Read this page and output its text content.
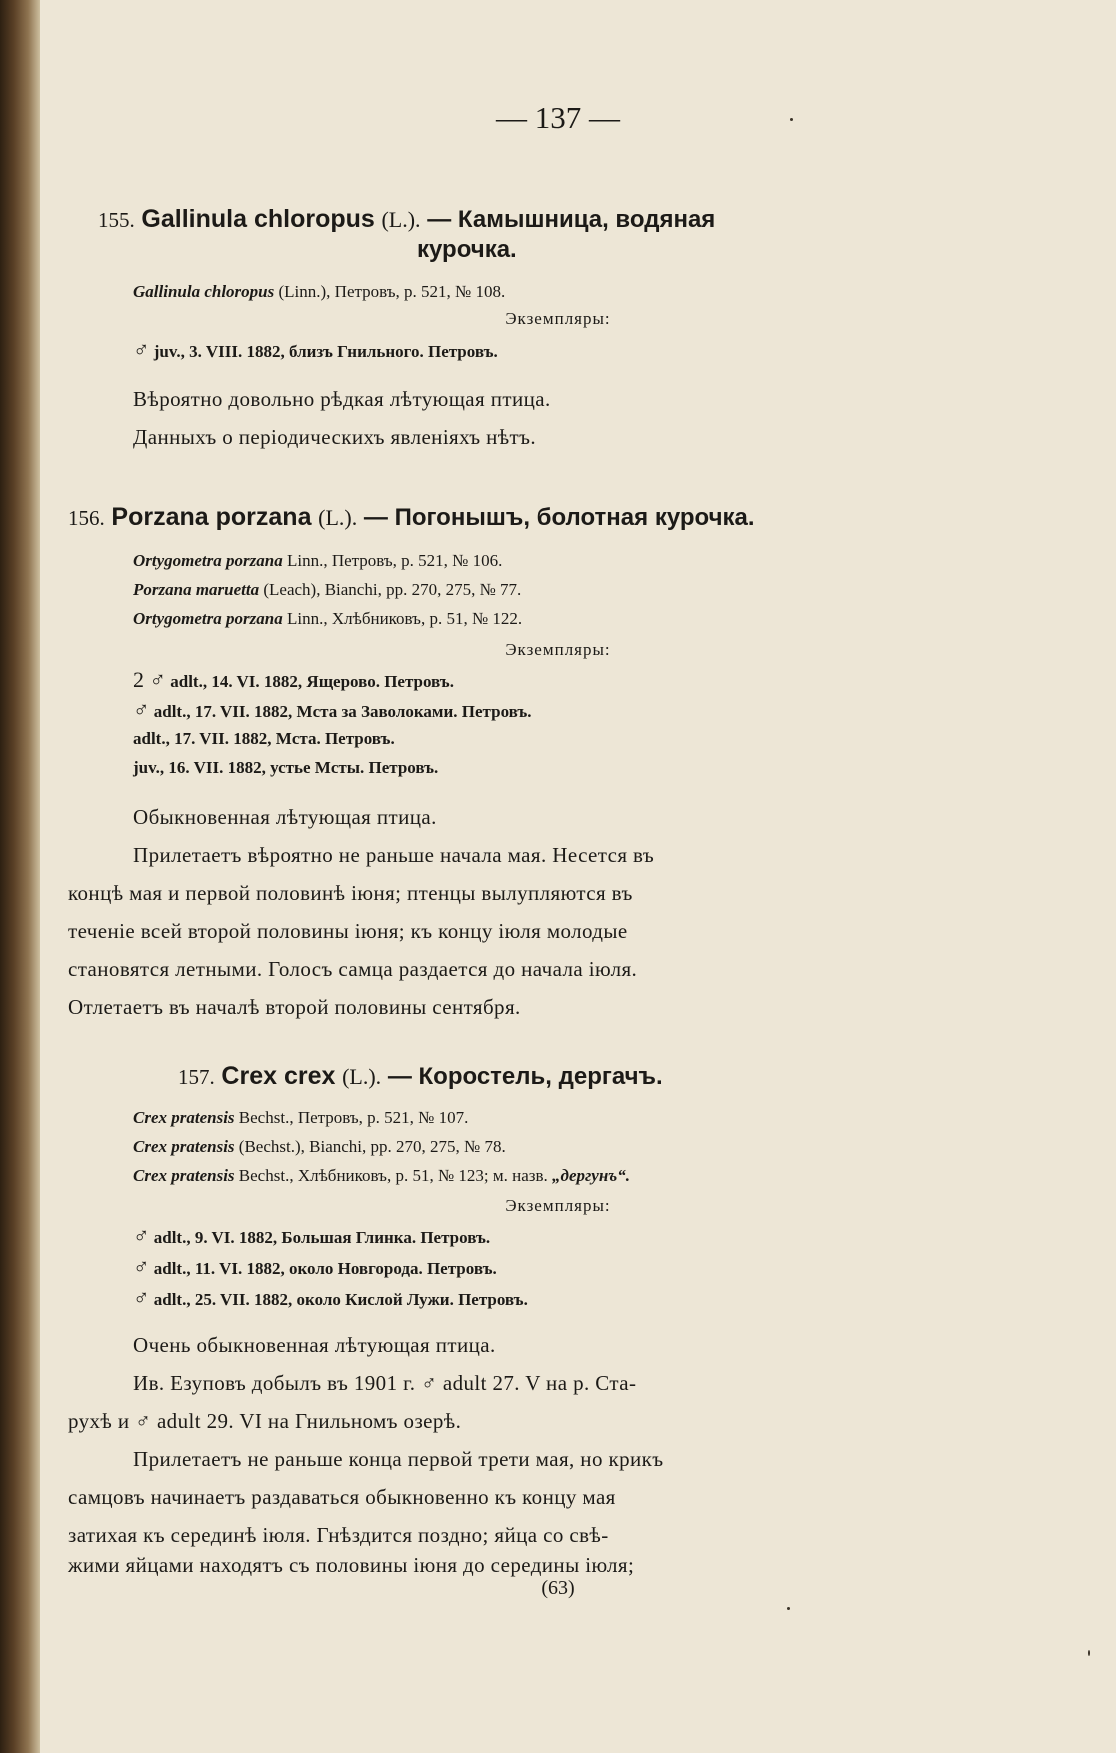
— 137 —
155. Gallinula chloropus (L.). — Камышница, водяная
курочка.
Gallinula chloropus (Linn.), Петровъ, p. 521, № 108.
Экземпляры:
♂ juv., 3. VIII. 1882, близъ Гнильного. Петровъ.
Вѣроятно довольно рѣдкая лѣтующая птица.
Данныхъ о періодическихъ явленіяхъ нѣтъ.
156. Porzana porzana (L.). — Погонышъ, болотная курочка.
Ortygometra porzana Linn., Петровъ, p. 521, № 106.
Porzana maruetta (Leach), Bianchi, pp. 270, 275, № 77.
Ortygometra porzana Linn., Хлѣбниковъ, p. 51, № 122.
Экземпляры:
2 ♂ adlt., 14. VI. 1882, Ящерово. Петровъ.
♂ adlt., 17. VII. 1882, Мста за Заволоками. Петровъ.
adlt., 17. VII. 1882, Мста. Петровъ.
juv., 16. VII. 1882, устье Мсты. Петровъ.
Обыкновенная лѣтующая птица.
Прилетаетъ вѣроятно не раньше начала мая. Несется въ
концѣ мая и первой половинѣ іюня; птенцы вылупляются въ
теченіе всей второй половины іюня; къ концу іюля молодые
становятся летными. Голосъ самца раздается до начала іюля.
Отлетаетъ въ началѣ второй половины сентября.
157. Crex crex (L.). — Коростель, дергачъ.
Crex pratensis Bechst., Петровъ, p. 521, № 107.
Crex pratensis (Bechst.), Bianchi, pp. 270, 275, № 78.
Crex pratensis Bechst., Хлѣбниковъ, p. 51, № 123; м. назв. „дергунъ“.
Экземпляры:
♂ adlt., 9. VI. 1882, Большая Глинка. Петровъ.
♂ adlt., 11. VI. 1882, около Новгорода. Петровъ.
♂ adlt., 25. VII. 1882, около Кислой Лужи. Петровъ.
Очень обыкновенная лѣтующая птица.
Ив. Езуповъ добылъ въ 1901 г. ♂ adult 27. V на р. Ста-
рухѣ и ♂ adult 29. VI на Гнильномъ озерѣ.
Прилетаетъ не раньше конца первой трети мая, но крикъ
самцовъ начинаетъ раздаваться обыкновенно къ концу мая
затихая къ серединѣ іюля. Гнѣздится поздно; яйца со свѣ-
жими яйцами находятъ съ половины іюня до середины іюля;
(63)
